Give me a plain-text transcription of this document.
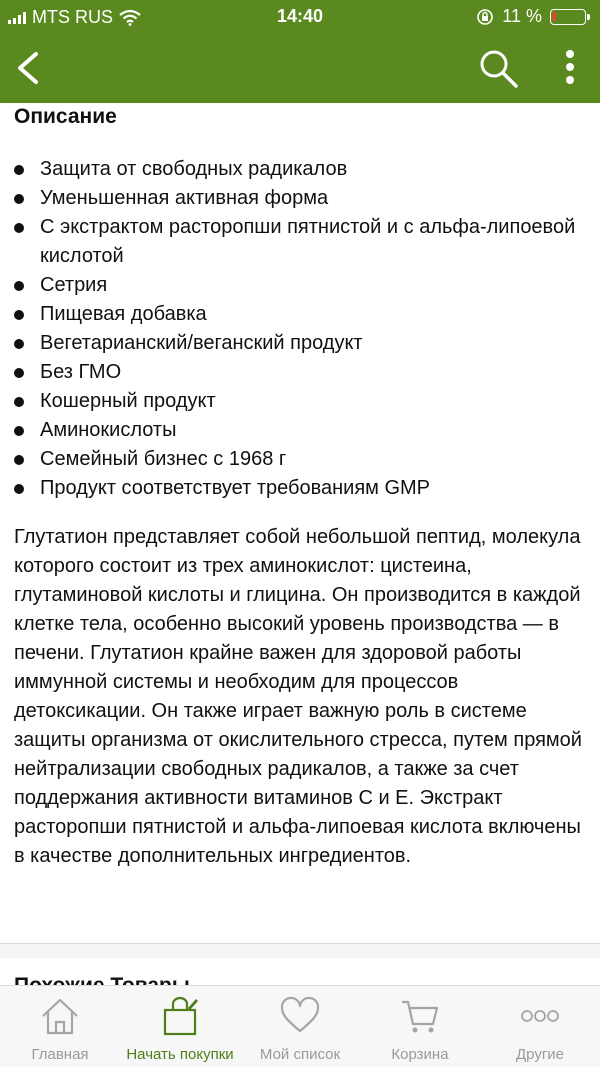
MTS RUS	14:40	11 %
Описание
Защита от свободных радикалов
Уменьшенная активная форма
С экстрактом расторопши пятнистой и с альфа-липоевой кислотой
Сетрия
Пищевая добавка
Вегетарианский/веганский продукт
Без ГМО
Кошерный продукт
Аминокислоты
Семейный бизнес с 1968 г
Продукт соответствует требованиям GMP
Глутатион представляет собой небольшой пептид, молекула которого состоит из трех аминокислот: цистеина, глутаминовой кислоты и глицина. Он производится в каждой клетке тела, особенно высокий уровень производства — в печени. Глутатион крайне важен для здоровой работы иммунной системы и необходим для процессов детоксикации. Он также играет важную роль в системе защиты организма от окислительного стресса, путем прямой нейтрализации свободных радикалов, а также за счет поддержания активности витаминов С и Е. Экстракт расторопши пятнистой и альфа-липоевая кислота включены в качестве дополнительных ингредиентов.
Главная	Начать покупки	Мой список	Корзина	Другие
